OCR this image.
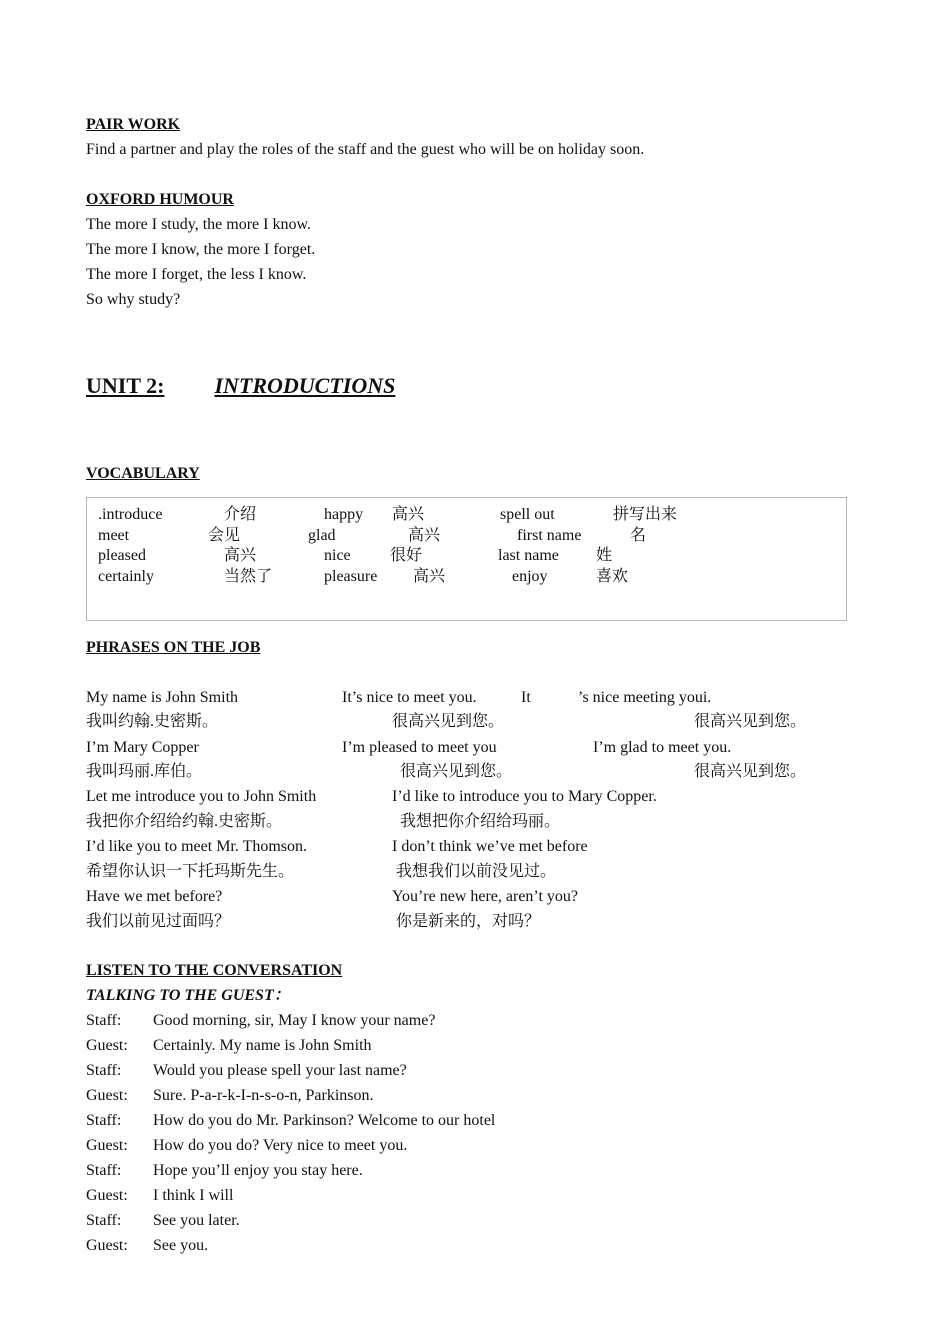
PAIR WORK
Find a partner and play the roles of the staff and the guest who will be on holiday soon.
OXFORD HUMOUR
The more I study, the more I know.
The more I know, the more I forget.
The more I forget, the less I know.
So why study?
UNIT 2: INTRODUCTIONS
VOCABULARY
.introduce	介绍	happy 高兴	spell out	拼写出来
meet	会见	glad	高兴	first name	名
pleased	高兴	nice 很好	last name 姓
certainly	当然了	pleasure 高兴	enjoy	喜欢
PHRASES ON THE JOB
My name is John Smith	It’s nice to meet you.	It	’s nice meeting youi.
我叫约翰.史密斯。	很高兴见到您。	很高兴见到您。
I’m Mary Copper	I’m pleased to meet you	I’m glad to meet you.
我叫玛丽.库伯。	很高兴见到您。	很高兴见到您。
Let me introduce you to John Smith	I’d like to introduce you to Mary Copper.
我把你介绍给约翰.史密斯。	我想把你介绍给玛丽。
I’d like you to meet Mr. Thomson.	I don’t think we’ve met before
希望你认识一下托玛斯先生。	我想我们以前没见过。
Have we met before?	You’re new here, aren’t you?
我们以前见过面吗？	你是新来的，对吗？
LISTEN TO THE CONVERSATION
TALKING TO THE GUEST：
Staff: Good morning, sir, May I know your name?
Guest: Certainly. My name is John Smith
Staff: Would you please spell your last name?
Guest: Sure. P-a-r-k-I-n-s-o-n, Parkinson.
Staff: How do you do Mr. Parkinson? Welcome to our hotel
Guest: How do you do? Very nice to meet you.
Staff: Hope you’ll enjoy you stay here.
Guest: I think I will
Staff: See you later.
Guest: See you.
